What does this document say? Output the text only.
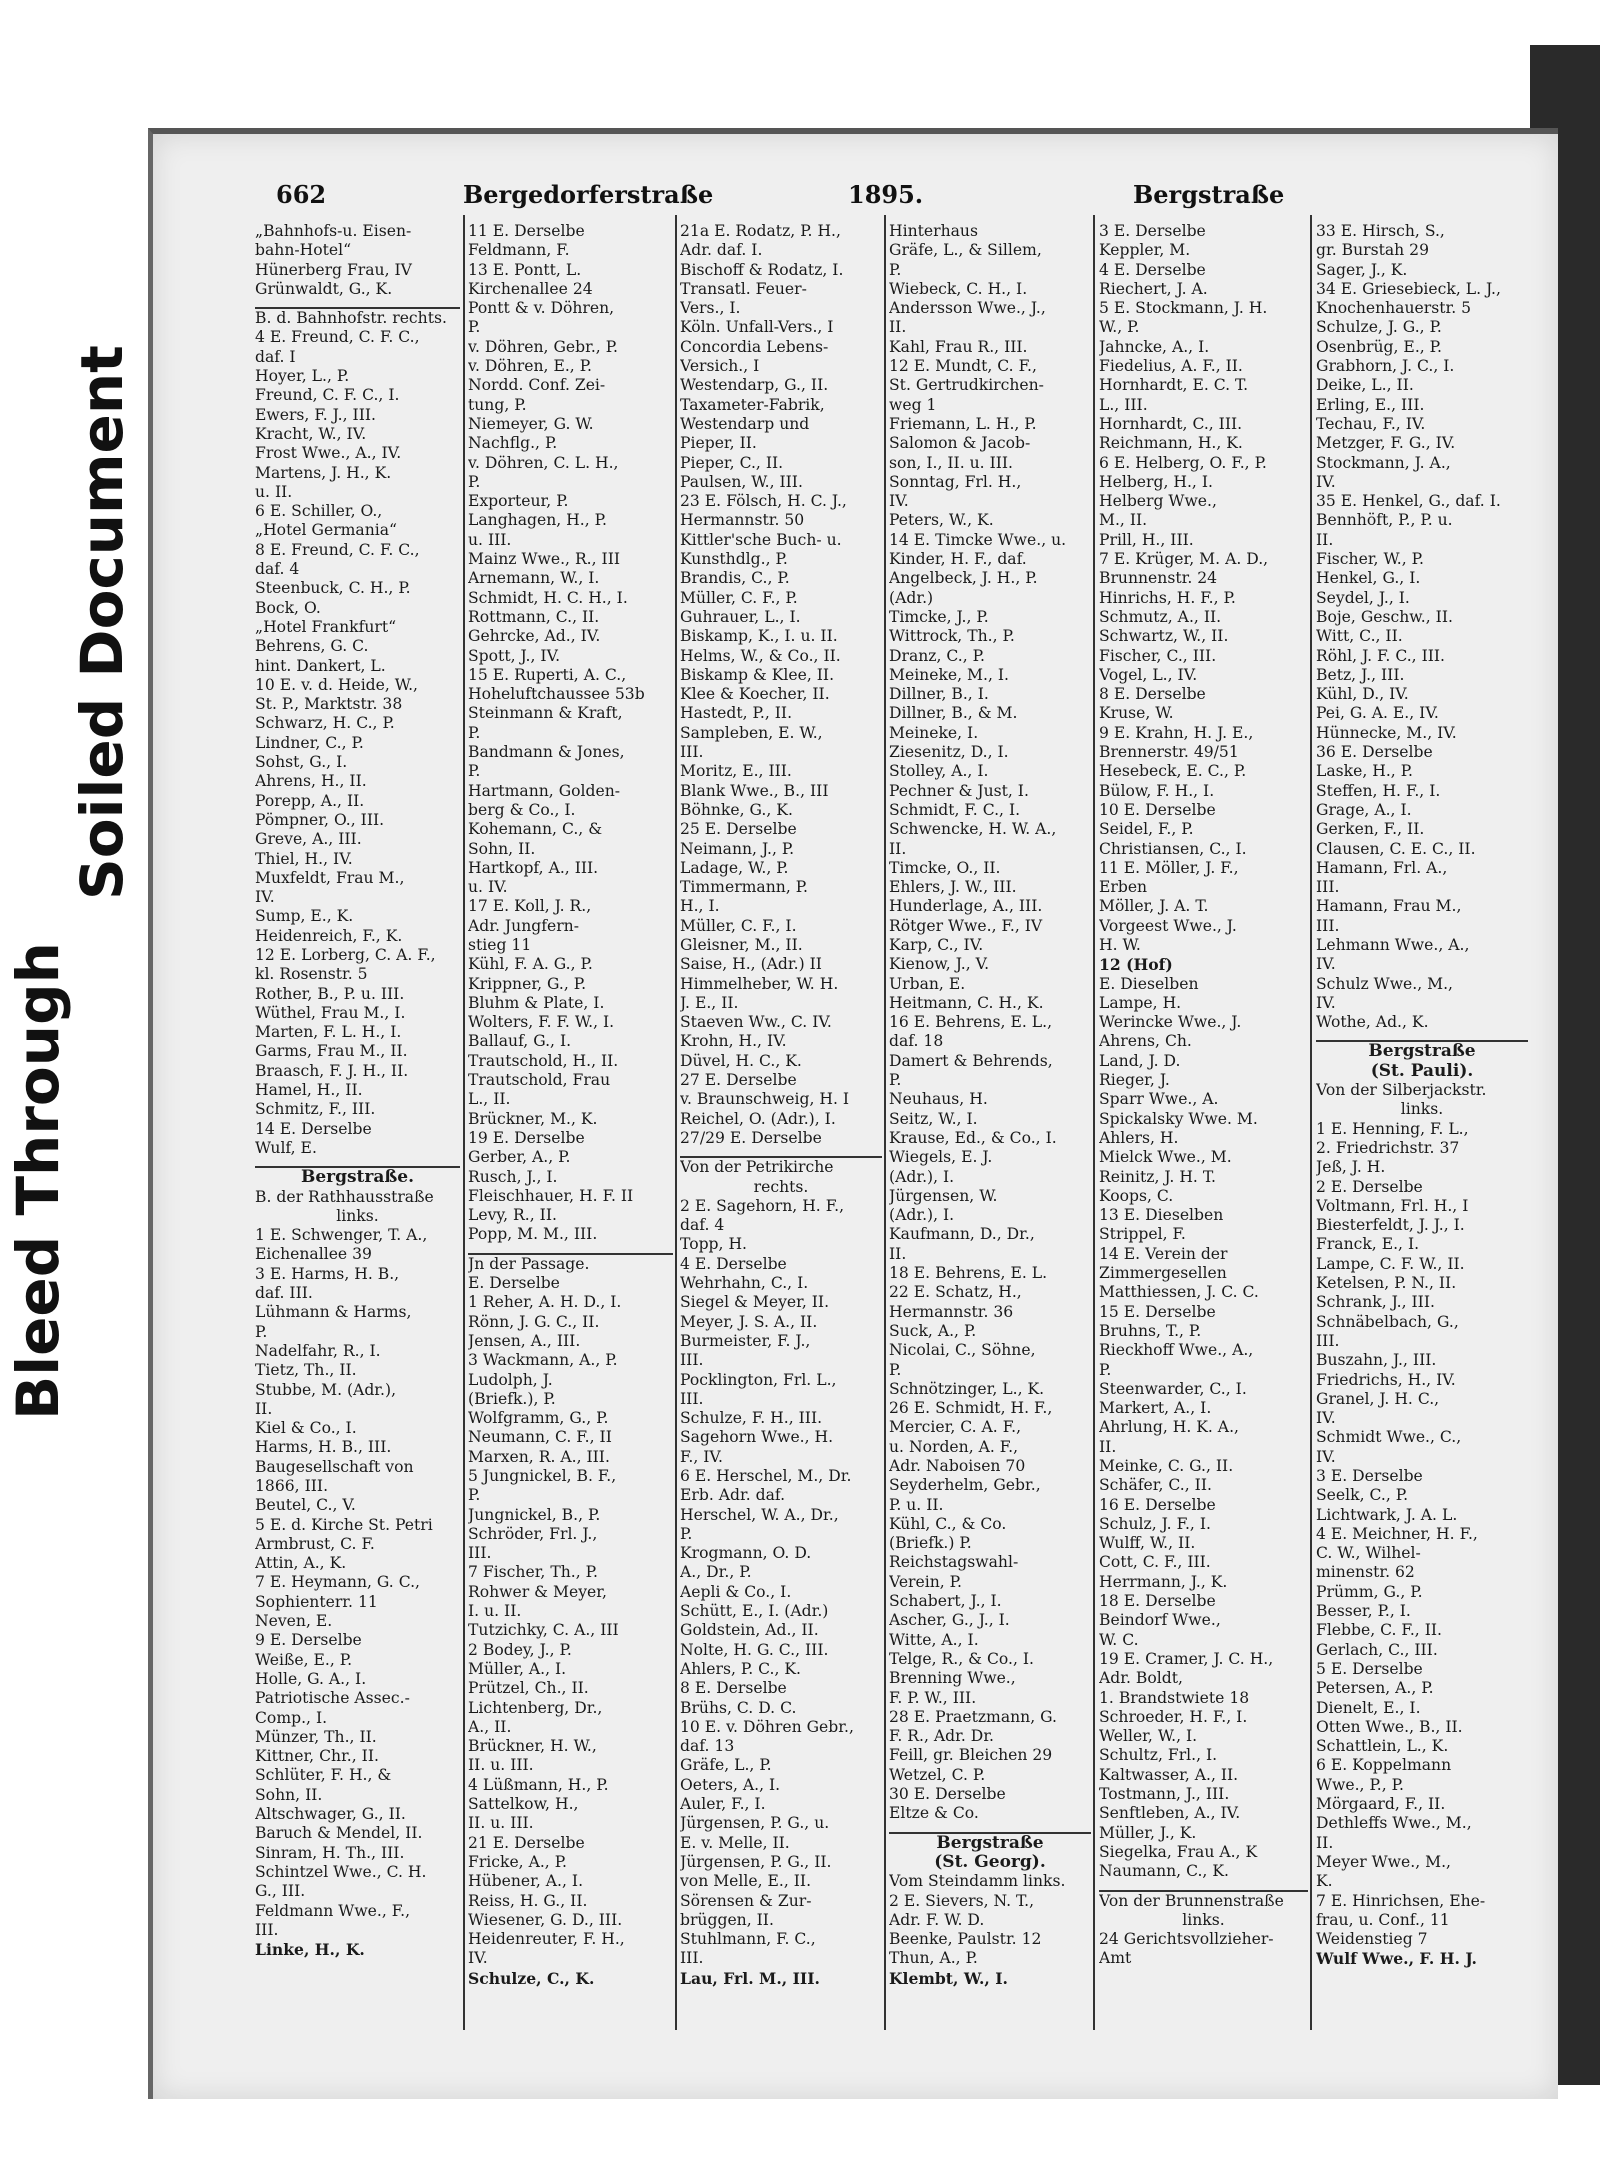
Bleed Through
Soiled Document
662	Bergedorferstraße	1895.	Bergstraße
„Bahnhofs-u. Eisen-
bahn-Hotel“
Hünerberg Frau, IV
Grünwaldt, G., K.
B. d. Bahnhofstr. rechts.
4 E. Freund, C. F. C.,
daf. I
Hoyer, L., P.
Freund, C. F. C., I.
Ewers, F. J., III.
Kracht, W., IV.
Frost Wwe., A., IV.
Martens, J. H., K.
u. II.
6 E. Schiller, O.,
„Hotel Germania“
8 E. Freund, C. F. C.,
daf. 4
Steenbuck, C. H., P.
Bock, O.
„Hotel Frankfurt“
Behrens, G. C.
hint. Dankert, L.
10 E. v. d. Heide, W.,
St. P., Marktstr. 38
Schwarz, H. C., P.
Lindner, C., P.
Sohst, G., I.
Ahrens, H., II.
Porepp, A., II.
Pömpner, O., III.
Greve, A., III.
Thiel, H., IV.
Muxfeldt, Frau M.,
IV.
Sump, E., K.
Heidenreich, F., K.
12 E. Lorberg, C. A. F.,
kl. Rosenstr. 5
Rother, B., P. u. III.
Wüthel, Frau M., I.
Marten, F. L. H., I.
Garms, Frau M., II.
Braasch, F. J. H., II.
Hamel, H., II.
Schmitz, F., III.
14 E. Derselbe
Wulf, E.
Bergstraße.
B. der Rathhausstraße
links.
1 E. Schwenger, T. A.,
Eichenallee 39
3 E. Harms, H. B.,
daf. III.
Lühmann & Harms,
P.
Nadelfahr, R., I.
Tietz, Th., II.
Stubbe, M. (Adr.),
II.
Kiel & Co., I.
Harms, H. B., III.
Baugesellschaft von
1866, III.
Beutel, C., V.
5 E. d. Kirche St. Petri
Armbrust, C. F.
Attin, A., K.
7 E. Heymann, G. C.,
Sophienterr. 11
Neven, E.
9 E. Derselbe
Weiße, E., P.
Holle, G. A., I.
Patriotische Assec.-
Comp., I.
Münzer, Th., II.
Kittner, Chr., II.
Schlüter, F. H., &
Sohn, II.
Altschwager, G., II.
Baruch & Mendel, II.
Sinram, H. Th., III.
Schintzel Wwe., C. H.
G., III.
Feldmann Wwe., F.,
III.
Linke, H., K.
11 E. Derselbe
Feldmann, F.
13 E. Pontt, L.
Kirchenallee 24
Pontt & v. Döhren,
P.
v. Döhren, Gebr., P.
v. Döhren, E., P.
Nordd. Conf. Zei-
tung, P.
Niemeyer, G. W.
Nachflg., P.
v. Döhren, C. L. H.,
P.
Exporteur, P.
Langhagen, H., P.
u. III.
Mainz Wwe., R., III
Arnemann, W., I.
Schmidt, H. C. H., I.
Rottmann, C., II.
Gehrcke, Ad., IV.
Spott, J., IV.
15 E. Ruperti, A. C.,
Hoheluftchaussee 53b
Steinmann & Kraft,
P.
Bandmann & Jones,
P.
Hartmann, Golden-
berg & Co., I.
Kohemann, C., &
Sohn, II.
Hartkopf, A., III.
u. IV.
17 E. Koll, J. R.,
Adr. Jungfern-
stieg 11
Kühl, F. A. G., P.
Krippner, G., P.
Bluhm & Plate, I.
Wolters, F. F. W., I.
Ballauf, G., I.
Trautschold, H., II.
Trautschold, Frau
L., II.
Brückner, M., K.
19 E. Derselbe
Gerber, A., P.
Rusch, J., I.
Fleischhauer, H. F. II
Levy, R., II.
Popp, M. M., III.
Jn der Passage.
E. Derselbe
1 Reher, A. H. D., I.
Rönn, J. G. C., II.
Jensen, A., III.
3 Wackmann, A., P.
Ludolph, J.
(Briefk.), P.
Wolfgramm, G., P.
Neumann, C. F., II
Marxen, R. A., III.
5 Jungnickel, B. F.,
P.
Jungnickel, B., P.
Schröder, Frl. J.,
III.
7 Fischer, Th., P.
Rohwer & Meyer,
I. u. II.
Tutzichky, C. A., III
2 Bodey, J., P.
Müller, A., I.
Prützel, Ch., II.
Lichtenberg, Dr.,
A., II.
Brückner, H. W.,
II. u. III.
4 Lüßmann, H., P.
Sattelkow, H.,
II. u. III.
21 E. Derselbe
Fricke, A., P.
Hübener, A., I.
Reiss, H. G., II.
Wiesener, G. D., III.
Heidenreuter, F. H.,
IV.
Schulze, C., K.
21a E. Rodatz, P. H.,
Adr. daf. I.
Bischoff & Rodatz, I.
Transatl. Feuer-
Vers., I.
Köln. Unfall-Vers., I
Concordia Lebens-
Versich., I
Westendarp, G., II.
Taxameter-Fabrik,
Westendarp und
Pieper, II.
Pieper, C., II.
Paulsen, W., III.
23 E. Fölsch, H. C. J.,
Hermannstr. 50
Kittler'sche Buch- u.
Kunsthdlg., P.
Brandis, C., P.
Müller, C. F., P.
Guhrauer, L., I.
Biskamp, K., I. u. II.
Helms, W., & Co., II.
Biskamp & Klee, II.
Klee & Koecher, II.
Hastedt, P., II.
Sampleben, E. W.,
III.
Moritz, E., III.
Blank Wwe., B., III
Böhnke, G., K.
25 E. Derselbe
Neimann, J., P.
Ladage, W., P.
Timmermann, P.
H., I.
Müller, C. F., I.
Gleisner, M., II.
Saise, H., (Adr.) II
Himmelheber, W. H.
J. E., II.
Staeven Ww., C. IV.
Krohn, H., IV.
Düvel, H. C., K.
27 E. Derselbe
v. Braunschweig, H. I
Reichel, O. (Adr.), I.
27/29 E. Derselbe
Von der Petrikirche
rechts.
2 E. Sagehorn, H. F.,
daf. 4
Topp, H.
4 E. Derselbe
Wehrhahn, C., I.
Siegel & Meyer, II.
Meyer, J. S. A., II.
Burmeister, F. J.,
III.
Pocklington, Frl. L.,
III.
Schulze, F. H., III.
Sagehorn Wwe., H.
F., IV.
6 E. Herschel, M., Dr.
Erb. Adr. daf.
Herschel, W. A., Dr.,
P.
Krogmann, O. D.
A., Dr., P.
Aepli & Co., I.
Schütt, E., I. (Adr.)
Goldstein, Ad., II.
Nolte, H. G. C., III.
Ahlers, P. C., K.
8 E. Derselbe
Brühs, C. D. C.
10 E. v. Döhren Gebr.,
daf. 13
Gräfe, L., P.
Oeters, A., I.
Auler, F., I.
Jürgensen, P. G., u.
E. v. Melle, II.
Jürgensen, P. G., II.
von Melle, E., II.
Sörensen & Zur-
brüggen, II.
Stuhlmann, F. C.,
III.
Lau, Frl. M., III.
Hinterhaus
Gräfe, L., & Sillem,
P.
Wiebeck, C. H., I.
Andersson Wwe., J.,
II.
Kahl, Frau R., III.
12 E. Mundt, C. F.,
St. Gertrudkirchen-
weg 1
Friemann, L. H., P.
Salomon & Jacob-
son, I., II. u. III.
Sonntag, Frl. H.,
IV.
Peters, W., K.
14 E. Timcke Wwe., u.
Kinder, H. F., daf.
Angelbeck, J. H., P.
(Adr.)
Timcke, J., P.
Wittrock, Th., P.
Dranz, C., P.
Meineke, M., I.
Dillner, B., I.
Dillner, B., & M.
Meineke, I.
Ziesenitz, D., I.
Stolley, A., I.
Pechner & Just, I.
Schmidt, F. C., I.
Schwencke, H. W. A.,
II.
Timcke, O., II.
Ehlers, J. W., III.
Hunderlage, A., III.
Rötger Wwe., F., IV
Karp, C., IV.
Kienow, J., V.
Urban, E.
Heitmann, C. H., K.
16 E. Behrens, E. L.,
daf. 18
Damert & Behrends,
P.
Neuhaus, H.
Seitz, W., I.
Krause, Ed., & Co., I.
Wiegels, E. J.
(Adr.), I.
Jürgensen, W.
(Adr.), I.
Kaufmann, D., Dr.,
II.
18 E. Behrens, E. L.
22 E. Schatz, H.,
Hermannstr. 36
Suck, A., P.
Nicolai, C., Söhne,
P.
Schnötzinger, L., K.
26 E. Schmidt, H. F.,
Mercier, C. A. F.,
u. Norden, A. F.,
Adr. Naboisen 70
Seyderhelm, Gebr.,
P. u. II.
Kühl, C., & Co.
(Briefk.) P.
Reichstagswahl-
Verein, P.
Schabert, J., I.
Ascher, G., J., I.
Witte, A., I.
Telge, R., & Co., I.
Brenning Wwe.,
F. P. W., III.
28 E. Praetzmann, G.
F. R., Adr. Dr.
Feill, gr. Bleichen 29
Wetzel, C. P.
30 E. Derselbe
Eltze & Co.
Bergstraße
(St. Georg).
Vom Steindamm links.
2 E. Sievers, N. T.,
Adr. F. W. D.
Beenke, Paulstr. 12
Thun, A., P.
Klembt, W., I.
3 E. Derselbe
Keppler, M.
4 E. Derselbe
Riechert, J. A.
5 E. Stockmann, J. H.
W., P.
Jahncke, A., I.
Fiedelius, A. F., II.
Hornhardt, E. C. T.
L., III.
Hornhardt, C., III.
Reichmann, H., K.
6 E. Helberg, O. F., P.
Helberg, H., I.
Helberg Wwe.,
M., II.
Prill, H., III.
7 E. Krüger, M. A. D.,
Brunnenstr. 24
Hinrichs, H. F., P.
Schmutz, A., II.
Schwartz, W., II.
Fischer, C., III.
Vogel, L., IV.
8 E. Derselbe
Kruse, W.
9 E. Krahn, H. J. E.,
Brennerstr. 49/51
Hesebeck, E. C., P.
Bülow, F. H., I.
10 E. Derselbe
Seidel, F., P.
Christiansen, C., I.
11 E. Möller, J. F.,
Erben
Möller, J. A. T.
Vorgeest Wwe., J.
H. W.
12 (Hof)
E. Dieselben
Lampe, H.
Werincke Wwe., J.
Ahrens, Ch.
Land, J. D.
Rieger, J.
Sparr Wwe., A.
Spickalsky Wwe. M.
Ahlers, H.
Mielck Wwe., M.
Reinitz, J. H. T.
Koops, C.
13 E. Dieselben
Strippel, F.
14 E. Verein der
Zimmergesellen
Matthiessen, J. C. C.
15 E. Derselbe
Bruhns, T., P.
Rieckhoff Wwe., A.,
P.
Steenwarder, C., I.
Markert, A., I.
Ahrlung, H. K. A.,
II.
Meinke, C. G., II.
Schäfer, C., II.
16 E. Derselbe
Schulz, J. F., I.
Wulff, W., II.
Cott, C. F., III.
Herrmann, J., K.
18 E. Derselbe
Beindorf Wwe.,
W. C.
19 E. Cramer, J. C. H.,
Adr. Boldt,
1. Brandstwiete 18
Schroeder, H. F., I.
Weller, W., I.
Schultz, Frl., I.
Kaltwasser, A., II.
Tostmann, J., III.
Senftleben, A., IV.
Müller, J., K.
Siegelka, Frau A., K
Naumann, C., K.
Von der Brunnenstraße
links.
24 Gerichtsvollzieher-
Amt
33 E. Hirsch, S.,
gr. Burstah 29
Sager, J., K.
34 E. Griesebieck, L. J.,
Knochenhauerstr. 5
Schulze, J. G., P.
Osenbrüg, E., P.
Grabhorn, J. C., I.
Deike, L., II.
Erling, E., III.
Techau, F., IV.
Metzger, F. G., IV.
Stockmann, J. A.,
IV.
35 E. Henkel, G., daf. I.
Bennhöft, P., P. u.
II.
Fischer, W., P.
Henkel, G., I.
Seydel, J., I.
Boje, Geschw., II.
Witt, C., II.
Röhl, J. F. C., III.
Betz, J., III.
Kühl, D., IV.
Pei, G. A. E., IV.
Hünnecke, M., IV.
36 E. Derselbe
Laske, H., P.
Steffen, H. F., I.
Grage, A., I.
Gerken, F., II.
Clausen, C. E. C., II.
Hamann, Frl. A.,
III.
Hamann, Frau M.,
III.
Lehmann Wwe., A.,
IV.
Schulz Wwe., M.,
IV.
Wothe, Ad., K.
Bergstraße
(St. Pauli).
Von der Silberjackstr.
links.
1 E. Henning, F. L.,
2. Friedrichstr. 37
Jeß, J. H.
2 E. Derselbe
Voltmann, Frl. H., I
Biesterfeldt, J. J., I.
Franck, E., I.
Lampe, C. F. W., II.
Ketelsen, P. N., II.
Schrank, J., III.
Schnäbelbach, G.,
III.
Buszahn, J., III.
Friedrichs, H., IV.
Granel, J. H. C.,
IV.
Schmidt Wwe., C.,
IV.
3 E. Derselbe
Seelk, C., P.
Lichtwark, J. A. L.
4 E. Meichner, H. F.,
C. W., Wilhel-
minenstr. 62
Prümm, G., P.
Besser, P., I.
Flebbe, C. F., II.
Gerlach, C., III.
5 E. Derselbe
Petersen, A., P.
Dienelt, E., I.
Otten Wwe., B., II.
Schattlein, L., K.
6 E. Koppelmann
Wwe., P., P.
Mörgaard, F., II.
Dethleffs Wwe., M.,
II.
Meyer Wwe., M.,
K.
7 E. Hinrichsen, Ehe-
frau, u. Conf., 11
Weidenstieg 7
Wulf Wwe., F. H. J.
